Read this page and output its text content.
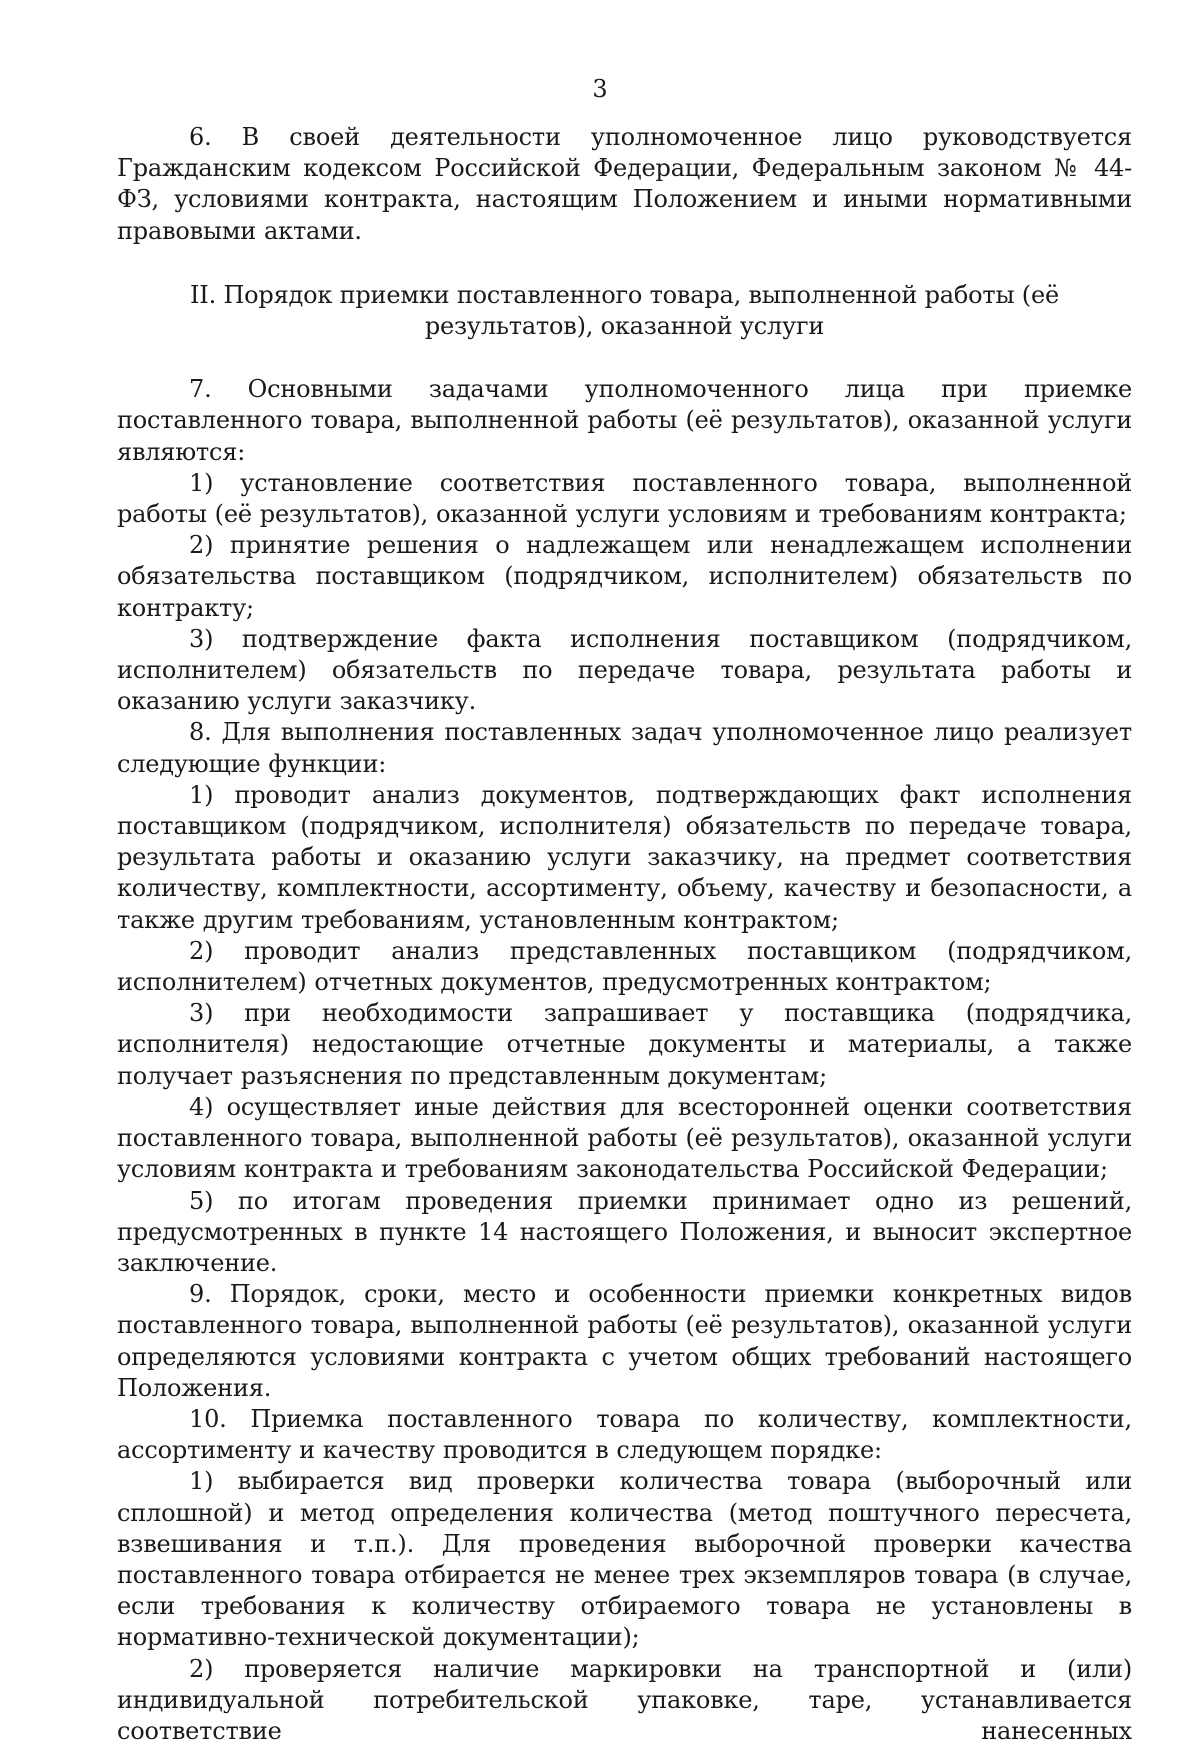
3

6. В своей деятельности уполномоченное лицо руководствуется Гражданским кодексом Российской Федерации, Федеральным законом № 44-ФЗ, условиями контракта, настоящим Положением и иными нормативными правовыми актами.

II. Порядок приемки поставленного товара, выполненной работы (её результатов), оказанной услуги

7. Основными задачами уполномоченного лица при приемке поставленного товара, выполненной работы (её результатов), оказанной услуги являются:

1) установление соответствия поставленного товара, выполненной работы (её результатов), оказанной услуги условиям и требованиям контракта;

2) принятие решения о надлежащем или ненадлежащем исполнении обязательства поставщиком (подрядчиком, исполнителем) обязательств по контракту;

3) подтверждение факта исполнения поставщиком (подрядчиком, исполнителем) обязательств по передаче товара, результата работы и оказанию услуги заказчику.

8. Для выполнения поставленных задач уполномоченное лицо реализует следующие функции:

1) проводит анализ документов, подтверждающих факт исполнения поставщиком (подрядчиком, исполнителя) обязательств по передаче товара, результата работы и оказанию услуги заказчику, на предмет соответствия количеству, комплектности, ассортименту, объему, качеству и безопасности, а также другим требованиям, установленным контрактом;

2) проводит анализ представленных поставщиком (подрядчиком, исполнителем) отчетных документов, предусмотренных контрактом;

3) при необходимости запрашивает у поставщика (подрядчика, исполнителя) недостающие отчетные документы и материалы, а также получает разъяснения по представленным документам;

4) осуществляет иные действия для всесторонней оценки соответствия поставленного товара, выполненной работы (её результатов), оказанной услуги условиям контракта и требованиям законодательства Российской Федерации;

5) по итогам проведения приемки принимает одно из решений, предусмотренных в пункте 14 настоящего Положения, и выносит экспертное заключение.

9. Порядок, сроки, место и особенности приемки конкретных видов поставленного товара, выполненной работы (её результатов), оказанной услуги определяются условиями контракта с учетом общих требований настоящего Положения.

10. Приемка поставленного товара по количеству, комплектности, ассортименту и качеству проводится в следующем порядке:

1) выбирается вид проверки количества товара (выборочный или сплошной) и метод определения количества (метод поштучного пересчета, взвешивания и т.п.). Для проведения выборочной проверки качества поставленного товара отбирается не менее трех экземпляров товара (в случае, если требования к количеству отбираемого товара не установлены в нормативно-технической документации);

2) проверяется наличие маркировки на транспортной и (или) индивидуальной потребительской упаковке, таре, устанавливается соответствие нанесенных
